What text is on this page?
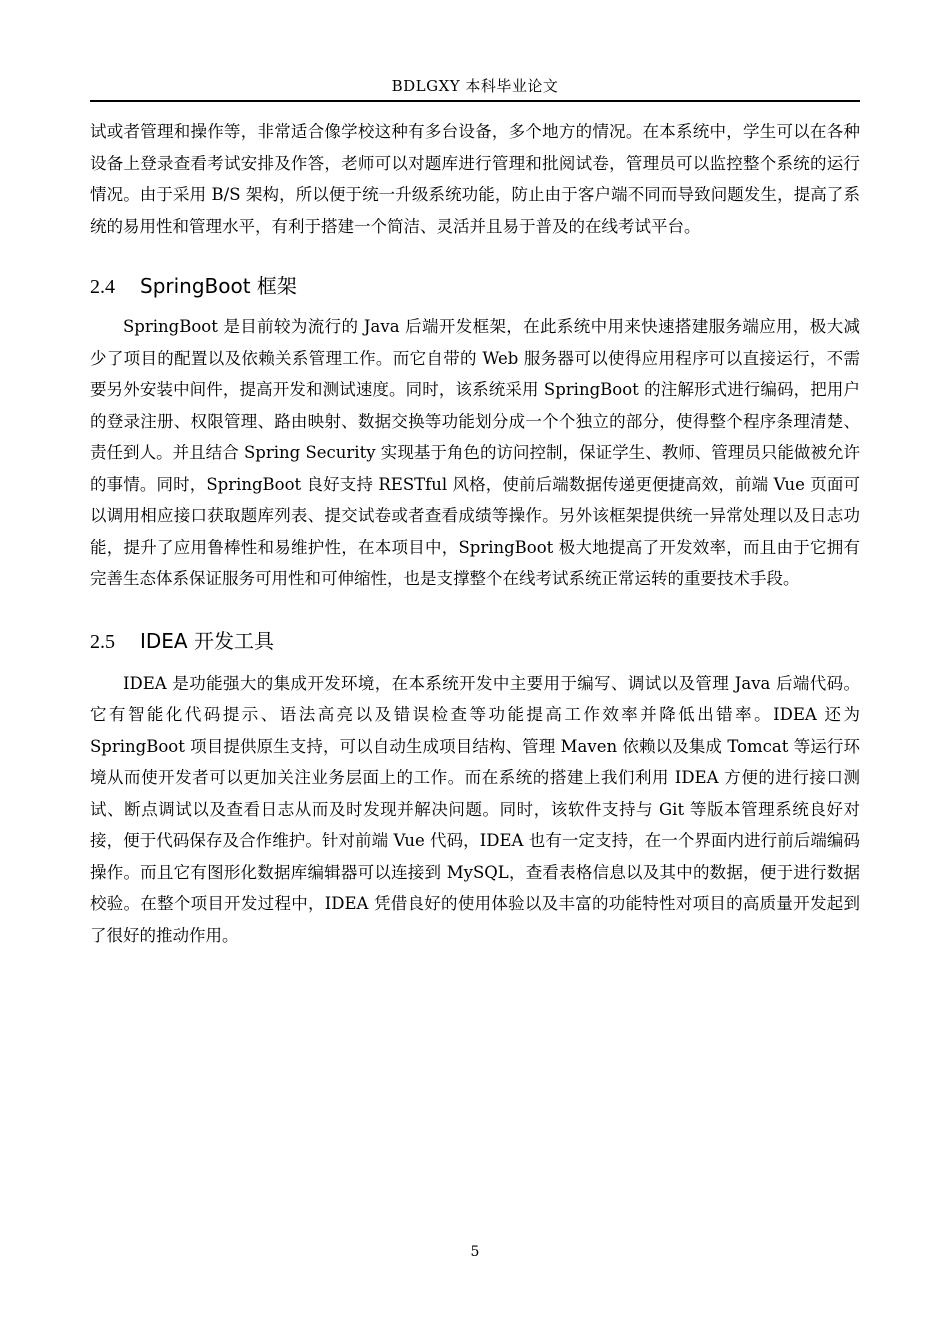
BDLGXY 本科毕业论文

试或者管理和操作等，非常适合像学校这种有多台设备，多个地方的情况。在本系统中，学生可以在各种设备上登录查看考试安排及作答，老师可以对题库进行管理和批阅试卷，管理员可以监控整个系统的运行情况。由于采用 B/S 架构，所以便于统一升级系统功能，防止由于客户端不同而导致问题发生，提高了系统的易用性和管理水平，有利于搭建一个简洁、灵活并且易于普及的在线考试平台。

2.4 SpringBoot 框架

SpringBoot 是目前较为流行的 Java 后端开发框架，在此系统中用来快速搭建服务端应用，极大减少了项目的配置以及依赖关系管理工作。而它自带的 Web 服务器可以使得应用程序可以直接运行，不需要另外安装中间件，提高开发和测试速度。同时，该系统采用 SpringBoot 的注解形式进行编码，把用户的登录注册、权限管理、路由映射、数据交换等功能划分成一个个独立的部分，使得整个程序条理清楚、责任到人。并且结合 Spring Security 实现基于角色的访问控制，保证学生、教师、管理员只能做被允许的事情。同时，SpringBoot 良好支持 RESTful 风格，使前后端数据传递更便捷高效，前端 Vue 页面可以调用相应接口获取题库列表、提交试卷或者查看成绩等操作。另外该框架提供统一异常处理以及日志功能，提升了应用鲁棒性和易维护性，在本项目中，SpringBoot 极大地提高了开发效率，而且由于它拥有完善生态体系保证服务可用性和可伸缩性，也是支撑整个在线考试系统正常运转的重要技术手段。

2.5 IDEA 开发工具

IDEA 是功能强大的集成开发环境，在本系统开发中主要用于编写、调试以及管理 Java 后端代码。它有智能化代码提示、语法高亮以及错误检查等功能提高工作效率并降低出错率。IDEA 还为 SpringBoot 项目提供原生支持，可以自动生成项目结构、管理 Maven 依赖以及集成 Tomcat 等运行环境从而使开发者可以更加关注业务层面上的工作。而在系统的搭建上我们利用 IDEA 方便的进行接口测试、断点调试以及查看日志从而及时发现并解决问题。同时，该软件支持与 Git 等版本管理系统良好对接，便于代码保存及合作维护。针对前端 Vue 代码，IDEA 也有一定支持，在一个界面内进行前后端编码操作。而且它有图形化数据库编辑器可以连接到 MySQL，查看表格信息以及其中的数据，便于进行数据校验。在整个项目开发过程中，IDEA 凭借良好的使用体验以及丰富的功能特性对项目的高质量开发起到了很好的推动作用。

5
